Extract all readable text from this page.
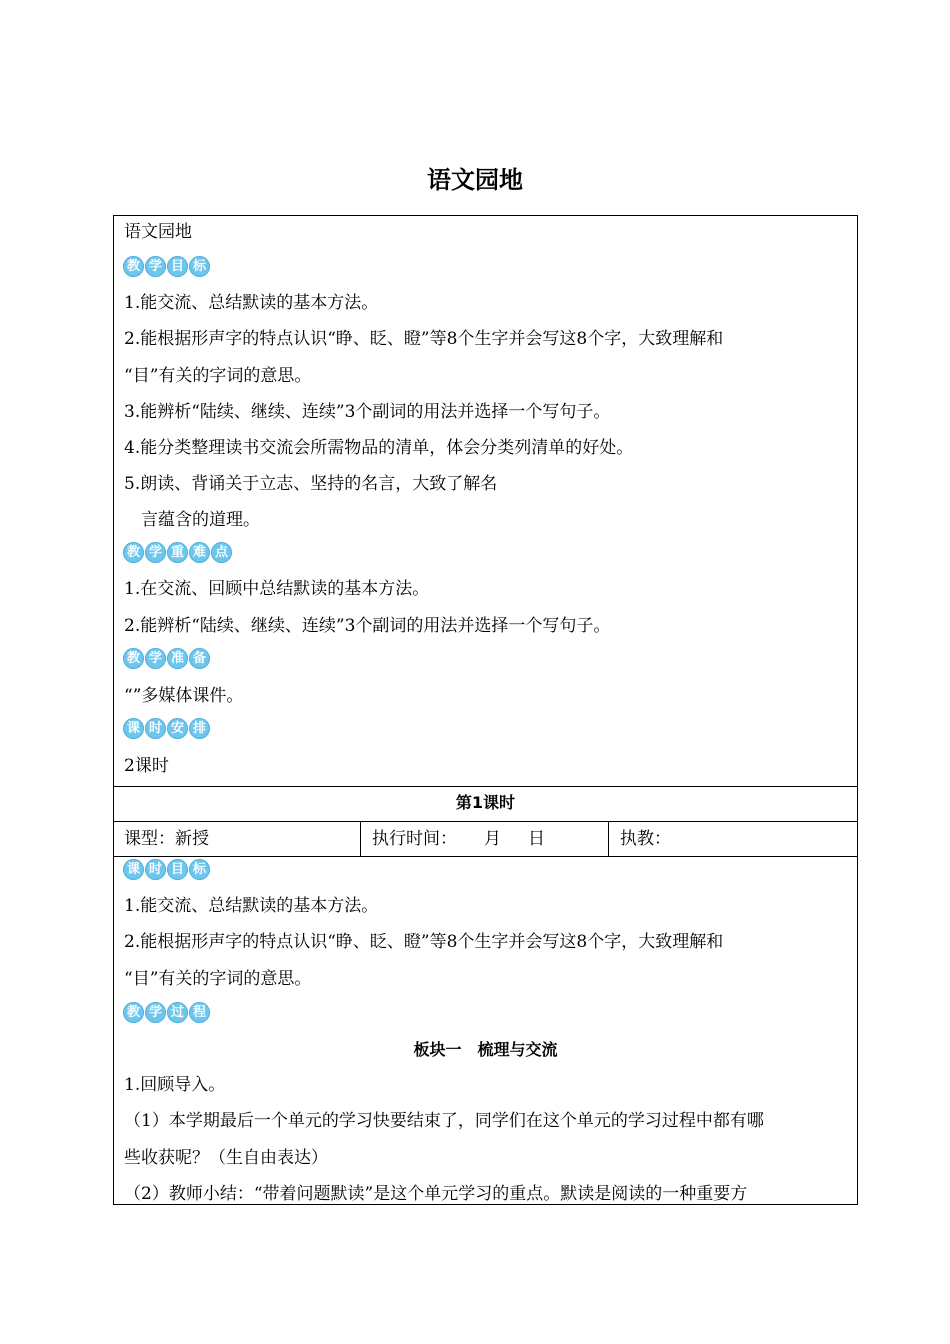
语文园地
语文园地
教 学 目 标
1.能交流、总结默读的基本方法。
2.能根据形声字的特点认识“睁、眨、瞪”等8个生字并会写这8个字，大致理解和
“目”有关的字词的意思。
3.能辨析“陆续、继续、连续”3个副词的用法并选择一个写句子。
4.能分类整理读书交流会所需物品的清单，体会分类列清单的好处。
5.朗读、背诵关于立志、坚持的名言，大致了解名
言蕴含的道理。
教 学 重 难 点
1.在交流、回顾中总结默读的基本方法。
2.能辨析“陆续、继续、连续”3个副词的用法并选择一个写句子。
教 学 准 备
“”多媒体课件。
课 时 安 排
2课时
第1课时
课型：新授	执行时间：     月     日	执教：
课 时 目 标
1.能交流、总结默读的基本方法。
2.能根据形声字的特点认识“睁、眨、瞪”等8个生字并会写这8个字，大致理解和
“目”有关的字词的意思。
教 学 过 程
板块一　梳理与交流
1.回顾导入。
（1）本学期最后一个单元的学习快要结束了，同学们在这个单元的学习过程中都有哪
些收获呢？（生自由表达）
（2）教师小结：“带着问题默读”是这个单元学习的重点。默读是阅读的一种重要方
